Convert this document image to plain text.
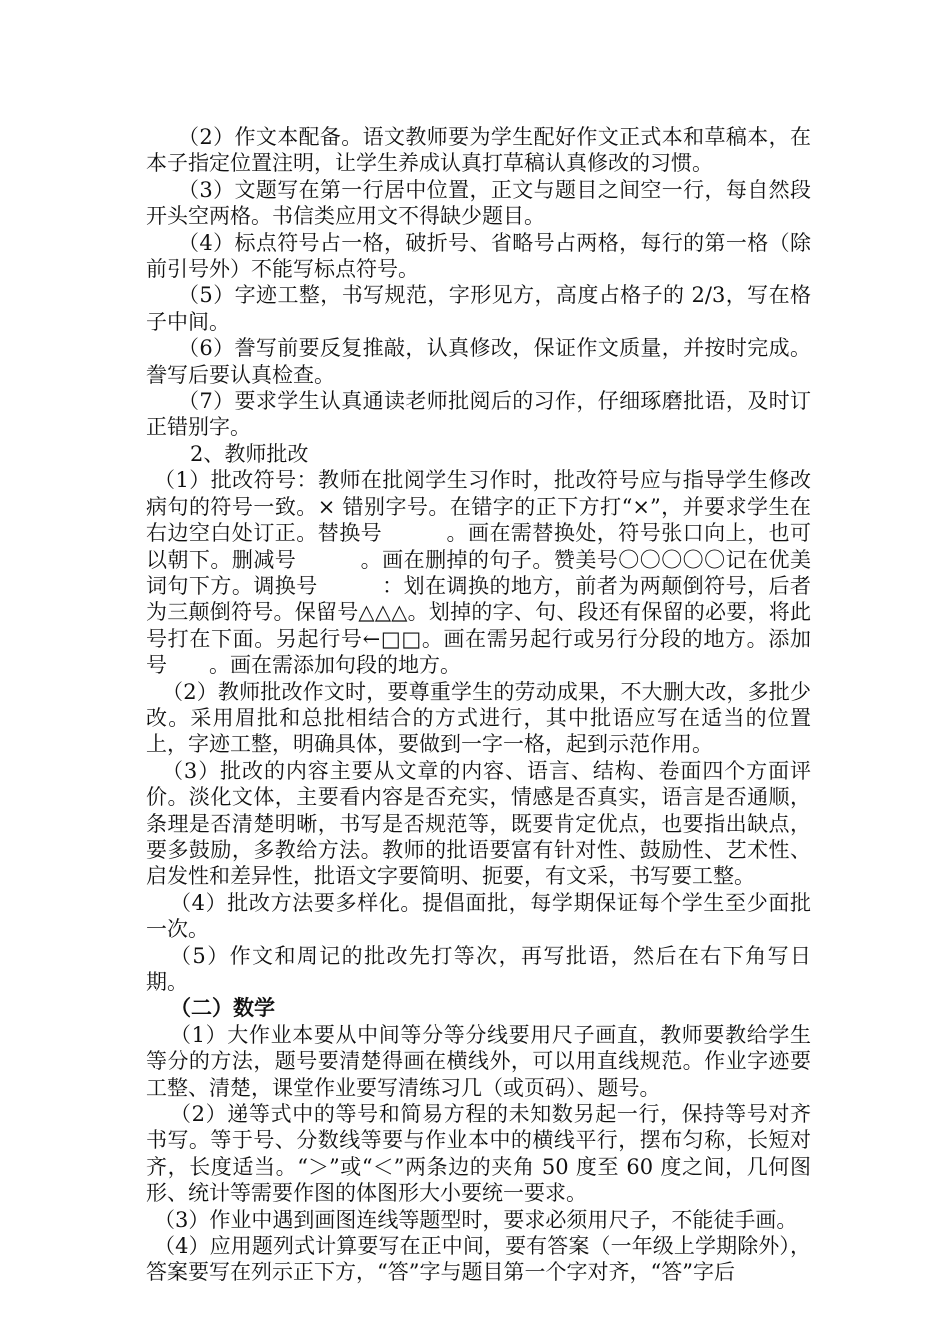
（2）作文本配备。语文教师要为学生配好作文正式本和草稿本，在本子指定位置注明，让学生养成认真打草稿认真修改的习惯。

（3）文题写在第一行居中位置，正文与题目之间空一行，每自然段开头空两格。书信类应用文不得缺少题目。

（4）标点符号占一格，破折号、省略号占两格，每行的第一格（除前引号外）不能写标点符号。

（5）字迹工整，书写规范，字形见方，高度占格子的 2/3，写在格子中间。

（6）誊写前要反复推敲，认真修改，保证作文质量，并按时完成。誊写后要认真检查。

（7）要求学生认真通读老师批阅后的习作，仔细琢磨批语，及时订正错别字。

2、教师批改

（1）批改符号：教师在批阅学生习作时，批改符号应与指导学生修改病句的符号一致。× 错别字号。在错字的正下方打“×”，并要求学生在右边空白处订正。替换号　　　。画在需替换处，符号张口向上，也可以朝下。删减号　　　。画在删掉的句子。赞美号〇〇〇〇〇记在优美词句下方。调换号　　　：划在调换的地方，前者为两颠倒符号，后者为三颠倒符号。保留号△△△。划掉的字、句、段还有保留的必要，将此号打在下面。另起行号←□□。画在需另起行或另行分段的地方。添加号　　。画在需添加句段的地方。

（2）教师批改作文时，要尊重学生的劳动成果，不大删大改，多批少改。采用眉批和总批相结合的方式进行，其中批语应写在适当的位置上，字迹工整，明确具体，要做到一字一格，起到示范作用。

（3）批改的内容主要从文章的内容、语言、结构、卷面四个方面评价。淡化文体，主要看内容是否充实，情感是否真实，语言是否通顺，条理是否清楚明晰，书写是否规范等，既要肯定优点，也要指出缺点，要多鼓励，多教给方法。教师的批语要富有针对性、鼓励性、艺术性、启发性和差异性，批语文字要简明、扼要，有文采，书写要工整。

（4）批改方法要多样化。提倡面批，每学期保证每个学生至少面批一次。

（5）作文和周记的批改先打等次，再写批语，然后在右下角写日期。

（二）数学

（1）大作业本要从中间等分等分线要用尺子画直，教师要教给学生等分的方法，题号要清楚得画在横线外，可以用直线规范。作业字迹要工整、清楚，课堂作业要写清练习几（或页码）、题号。

（2）递等式中的等号和简易方程的未知数另起一行，保持等号对齐书写。等于号、分数线等要与作业本中的横线平行，摆布匀称，长短对齐，长度适当。“＞”或“＜”两条边的夹角 50 度至 60 度之间，几何图形、统计等需要作图的体图形大小要统一要求。

（3）作业中遇到画图连线等题型时，要求必须用尺子，不能徒手画。

（4）应用题列式计算要写在正中间，要有答案（一年级上学期除外），答案要写在列示正下方，“答”字与题目第一个字对齐，“答”字后
